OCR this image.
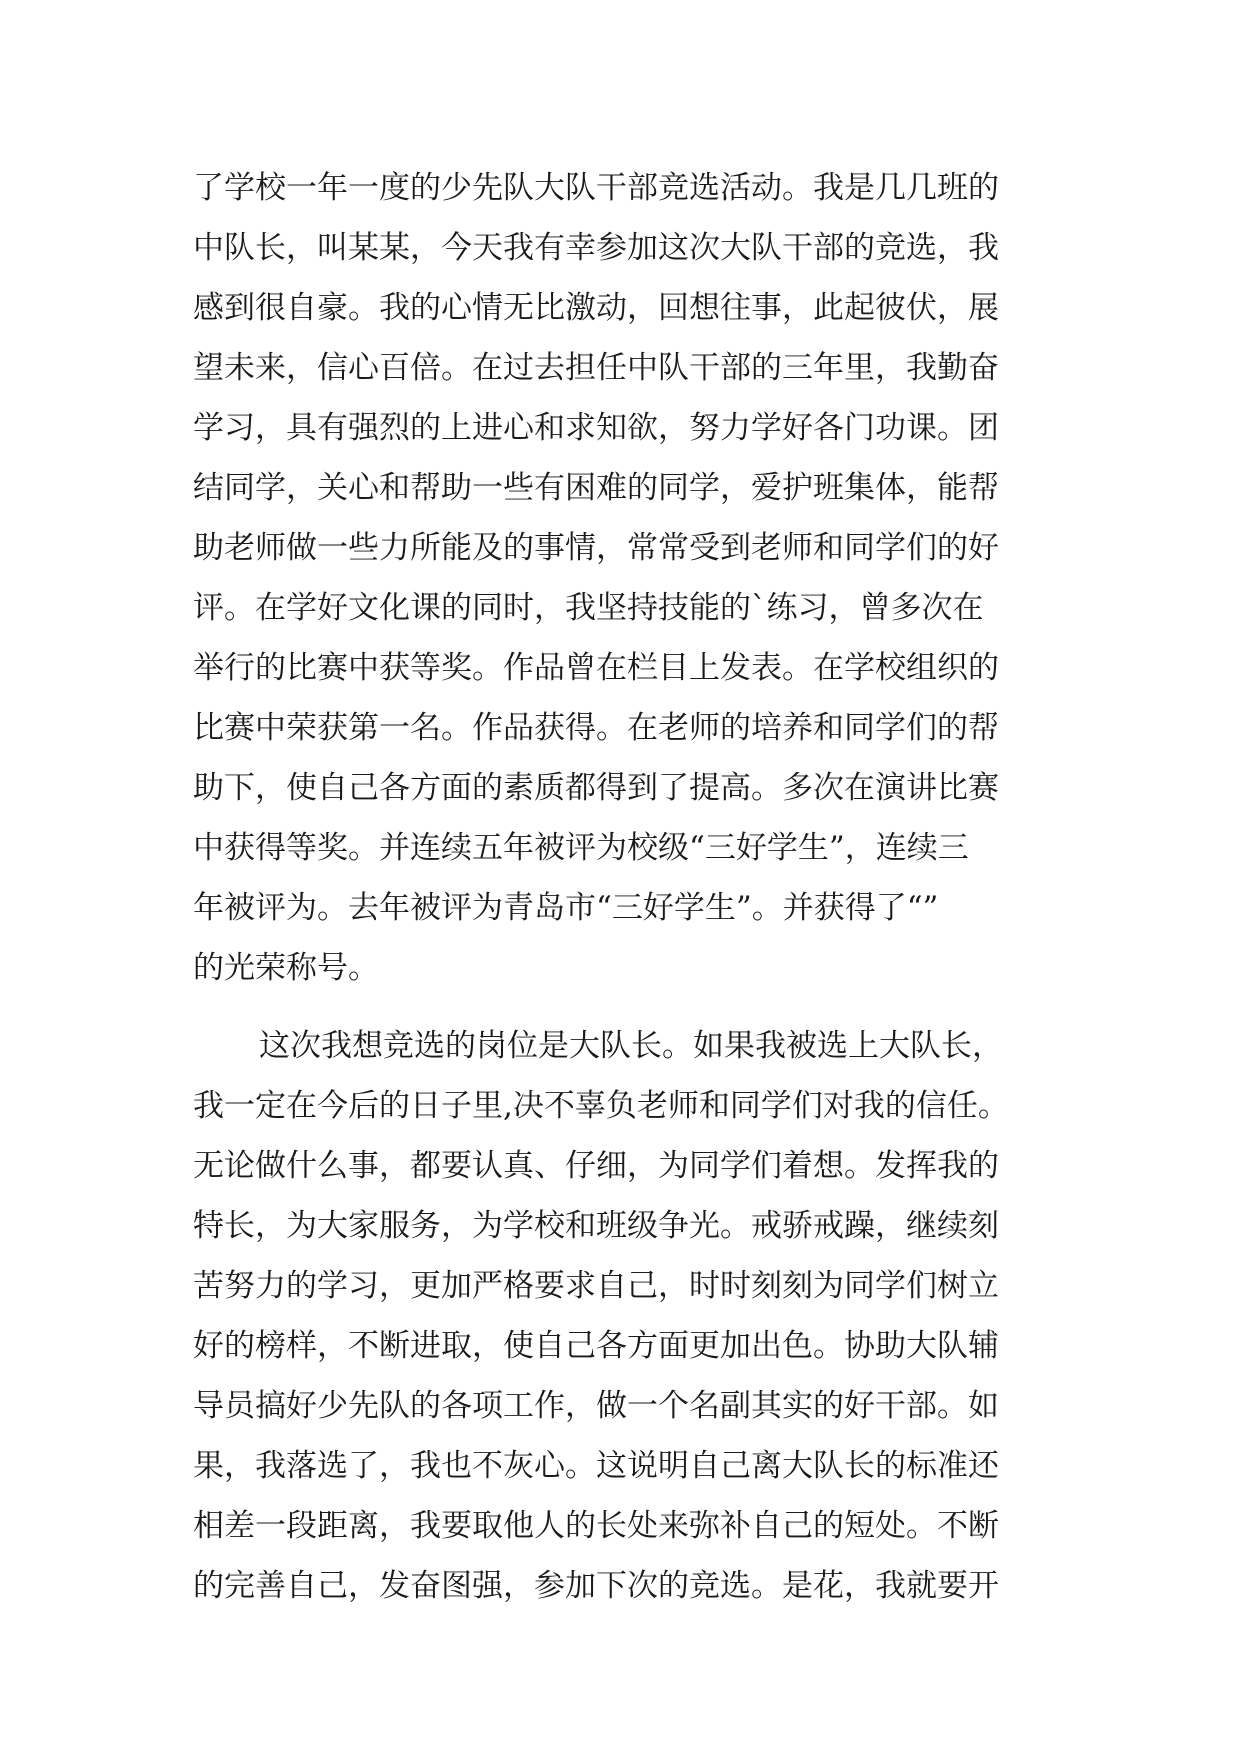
了学校一年一度的少先队大队干部竞选活动。我是几几班的
中队长，叫某某，今天我有幸参加这次大队干部的竞选，我
感到很自豪。我的心情无比激动，回想往事，此起彼伏，展
望未来，信心百倍。在过去担任中队干部的三年里，我勤奋
学习，具有强烈的上进心和求知欲，努力学好各门功课。团
结同学，关心和帮助一些有困难的同学，爱护班集体，能帮
助老师做一些力所能及的事情，常常受到老师和同学们的好
评。在学好文化课的同时，我坚持技能的`练习，曾多次在
举行的比赛中获等奖。作品曾在栏目上发表。在学校组织的
比赛中荣获第一名。作品获得。在老师的培养和同学们的帮
助下，使自己各方面的素质都得到了提高。多次在演讲比赛
中获得等奖。并连续五年被评为校级“三好学生”，连续三
年被评为。去年被评为青岛市“三好学生”。并获得了“”
的光荣称号。
这次我想竞选的岗位是大队长。如果我被选上大队长，
我一定在今后的日子里,决不辜负老师和同学们对我的信任。
无论做什么事，都要认真、仔细，为同学们着想。发挥我的
特长，为大家服务，为学校和班级争光。戒骄戒躁，继续刻
苦努力的学习，更加严格要求自己，时时刻刻为同学们树立
好的榜样，不断进取，使自己各方面更加出色。协助大队辅
导员搞好少先队的各项工作，做一个名副其实的好干部。如
果，我落选了，我也不灰心。这说明自己离大队长的标准还
相差一段距离，我要取他人的长处来弥补自己的短处。不断
的完善自己，发奋图强，参加下次的竞选。是花，我就要开
